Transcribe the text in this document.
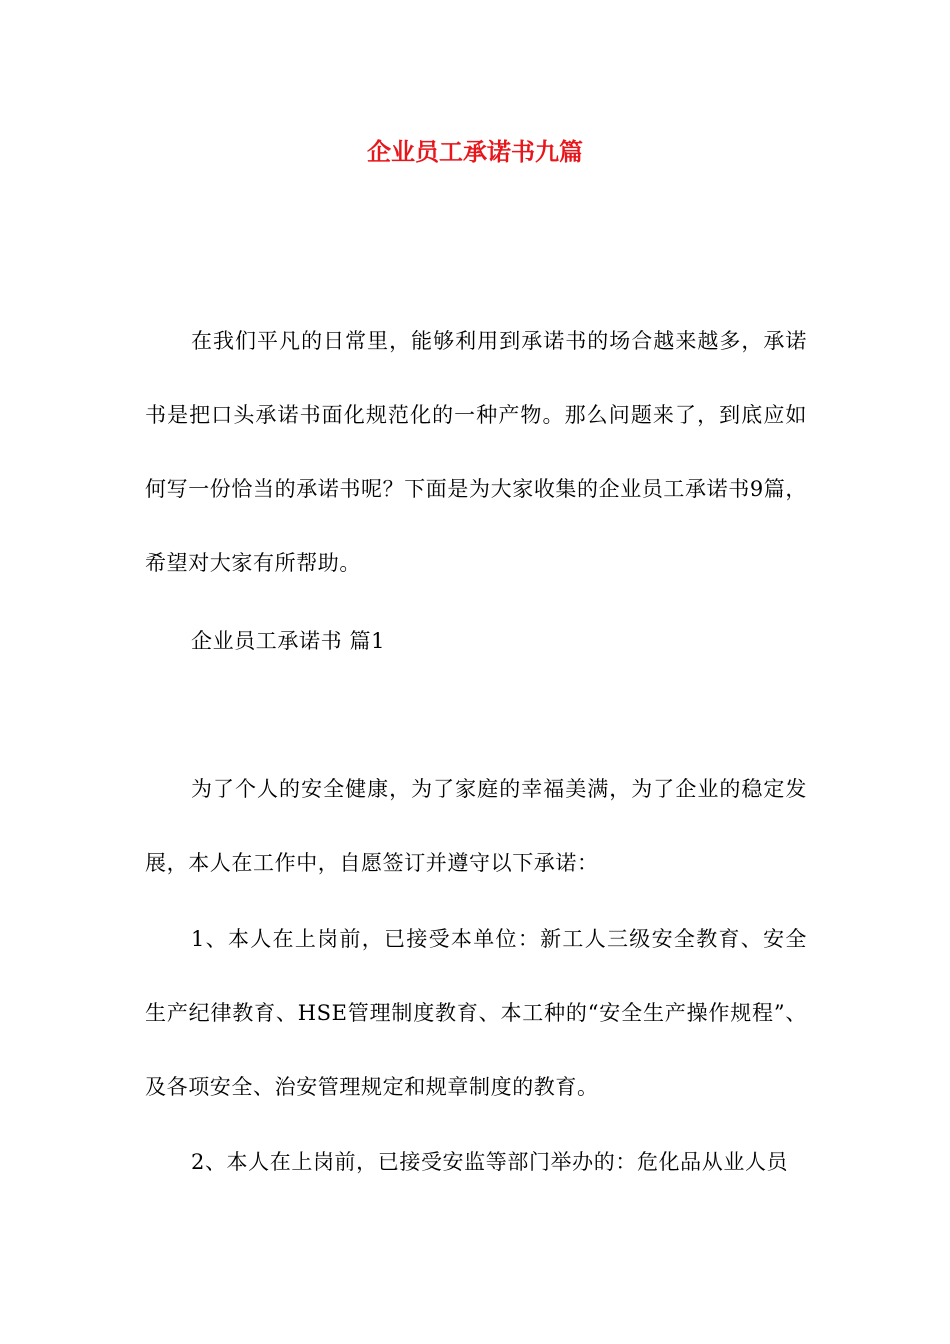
企业员工承诺书九篇
在我们平凡的日常里，能够利用到承诺书的场合越来越多，承诺书是把口头承诺书面化规范化的一种产物。那么问题来了，到底应如何写一份恰当的承诺书呢？下面是为大家收集的企业员工承诺书9篇，希望对大家有所帮助。
企业员工承诺书 篇1
为了个人的安全健康，为了家庭的幸福美满，为了企业的稳定发展，本人在工作中，自愿签订并遵守以下承诺：
1、本人在上岗前，已接受本单位：新工人三级安全教育、安全生产纪律教育、HSE管理制度教育、本工种的“安全生产操作规程”、及各项安全、治安管理规定和规章制度的教育。
2、本人在上岗前，已接受安监等部门举办的：危化品从业人员
